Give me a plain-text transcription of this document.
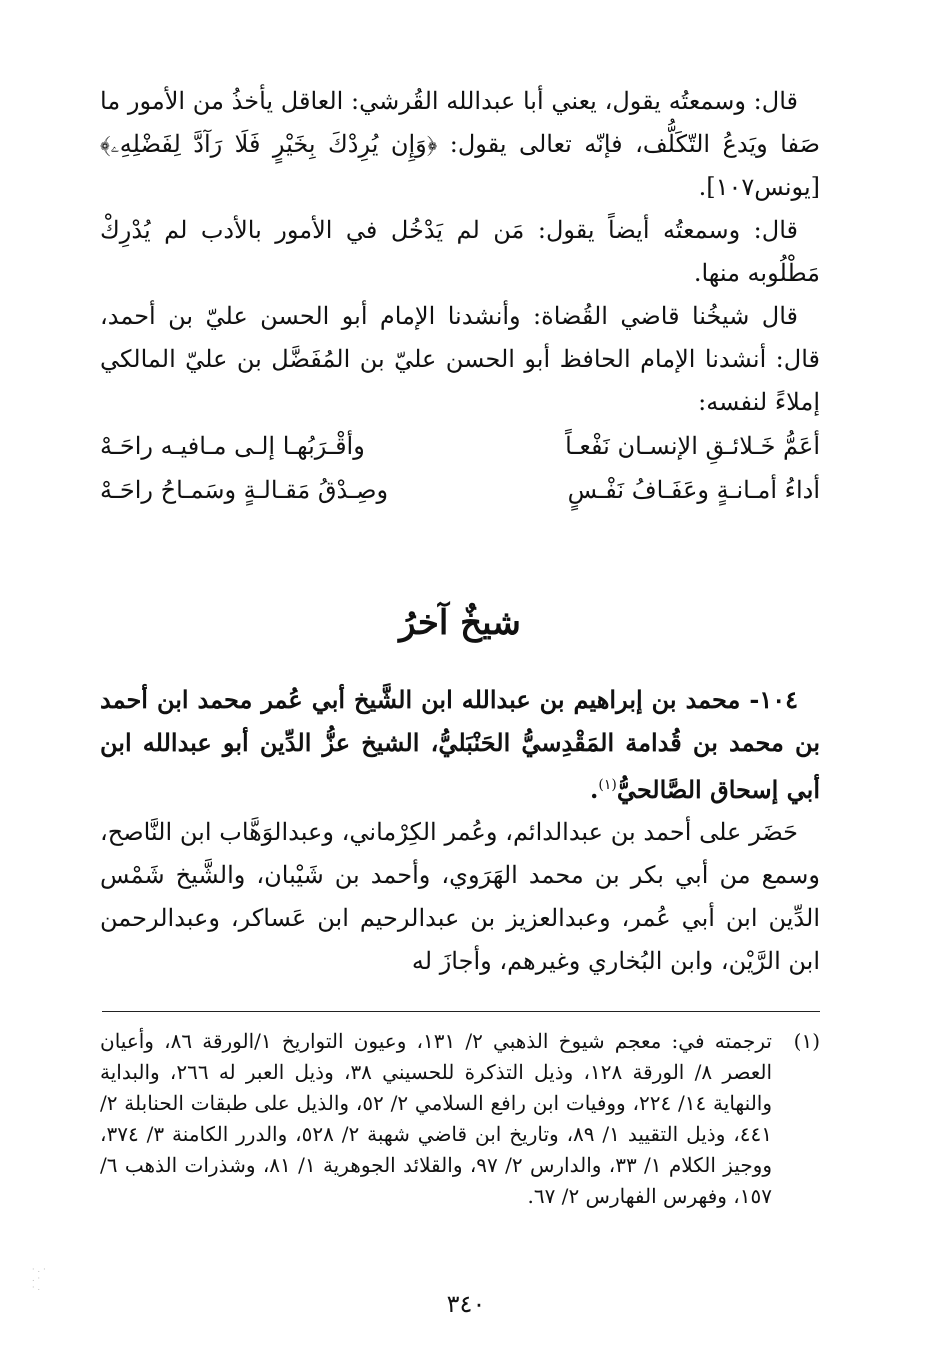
قال: وسمعتُه يقول، يعني أبا عبدالله القُرشي: العاقل يأخذُ من الأمور ما صَفا ويَدعُ التّكَلُّف، فإنّه تعالى يقول: ﴿وَإِن يُرِدْكَ بِخَيْرٍ فَلَا رَآدَّ لِفَضْلِهِۦ﴾ [يونس١٠٧].

قال: وسمعتُه أيضاً يقول: مَن لم يَدْخُل في الأمور بالأدب لم يُدْرِكْ مَطْلُوبه منها.

قال شيخُنا قاضي القُضاة: وأنشدنا الإمام أبو الحسن عليّ بن أحمد، قال: أنشدنا الإمام الحافظ أبو الحسن عليّ بن المُفَضَّل بن عليّ المالكي إملاءً لنفسه:

أعَمُّ خَـلائـقِ الإنسـان نَفْعـاً
وأقْـرَبُهـا إلـى مـافيـه راحَـهْ
أداءُ أمـانـةٍ وعَفَـافُ نَفْـسٍ
وصِـدْقُ مَقـالـةٍ وسَمـاحُ راحَـهْ
شيخٌ آخرُ
١٠٤- محمد بن إبراهيم بن عبدالله ابن الشَّيخ أبي عُمر محمد ابن أحمد بن محمد بن قُدامة المَقْدِسيُّ الحَنْبَليُّ، الشيخ عزُّ الدِّين أبو عبدالله ابن أبي إسحاق الصَّالحيُّ$^{(١)}$.

حَضَر على أحمد بن عبدالدائم، وعُمر الكِرْماني، وعبدالوَهَّاب ابن النَّاصح، وسمع من أبي بكر بن محمد الهَرَوي، وأحمد بن شَيْبان، والشَّيخ شَمْس الدِّين ابن أبي عُمر، وعبدالعزيز بن عبدالرحيم ابن عَساكر، وعبدالرحمن ابن الرَّيْن، وابن البُخاري وغيرهم، وأجازَ له

(١)
ترجمته في: معجم شيوخ الذهبي ٢/ ١٣١، وعيون التواريخ ١/الورقة ٨٦، وأعيان العصر ٨/ الورقة ١٢٨، وذيل التذكرة للحسيني ٣٨، وذيل العبر له ٢٦٦، والبداية والنهاية ١٤/ ٢٢٤، ووفيات ابن رافع السلامي ٢/ ٥٢، والذيل على طبقات الحنابلة ٢/ ٤٤١، وذيل التقييد ١/ ٨٩، وتاريخ ابن قاضي شهبة ٢/ ٥٢٨، والدرر الكامنة ٣/ ٣٧٤، ووجيز الكلام ١/ ٣٣، والدارس ٢/ ٩٧، والقلائد الجوهرية ١/ ٨١، وشذرات الذهب ٦/ ١٥٧، وفهرس الفهارس ٢/ ٦٧.
٣٤٠
·.·
.·
·.
